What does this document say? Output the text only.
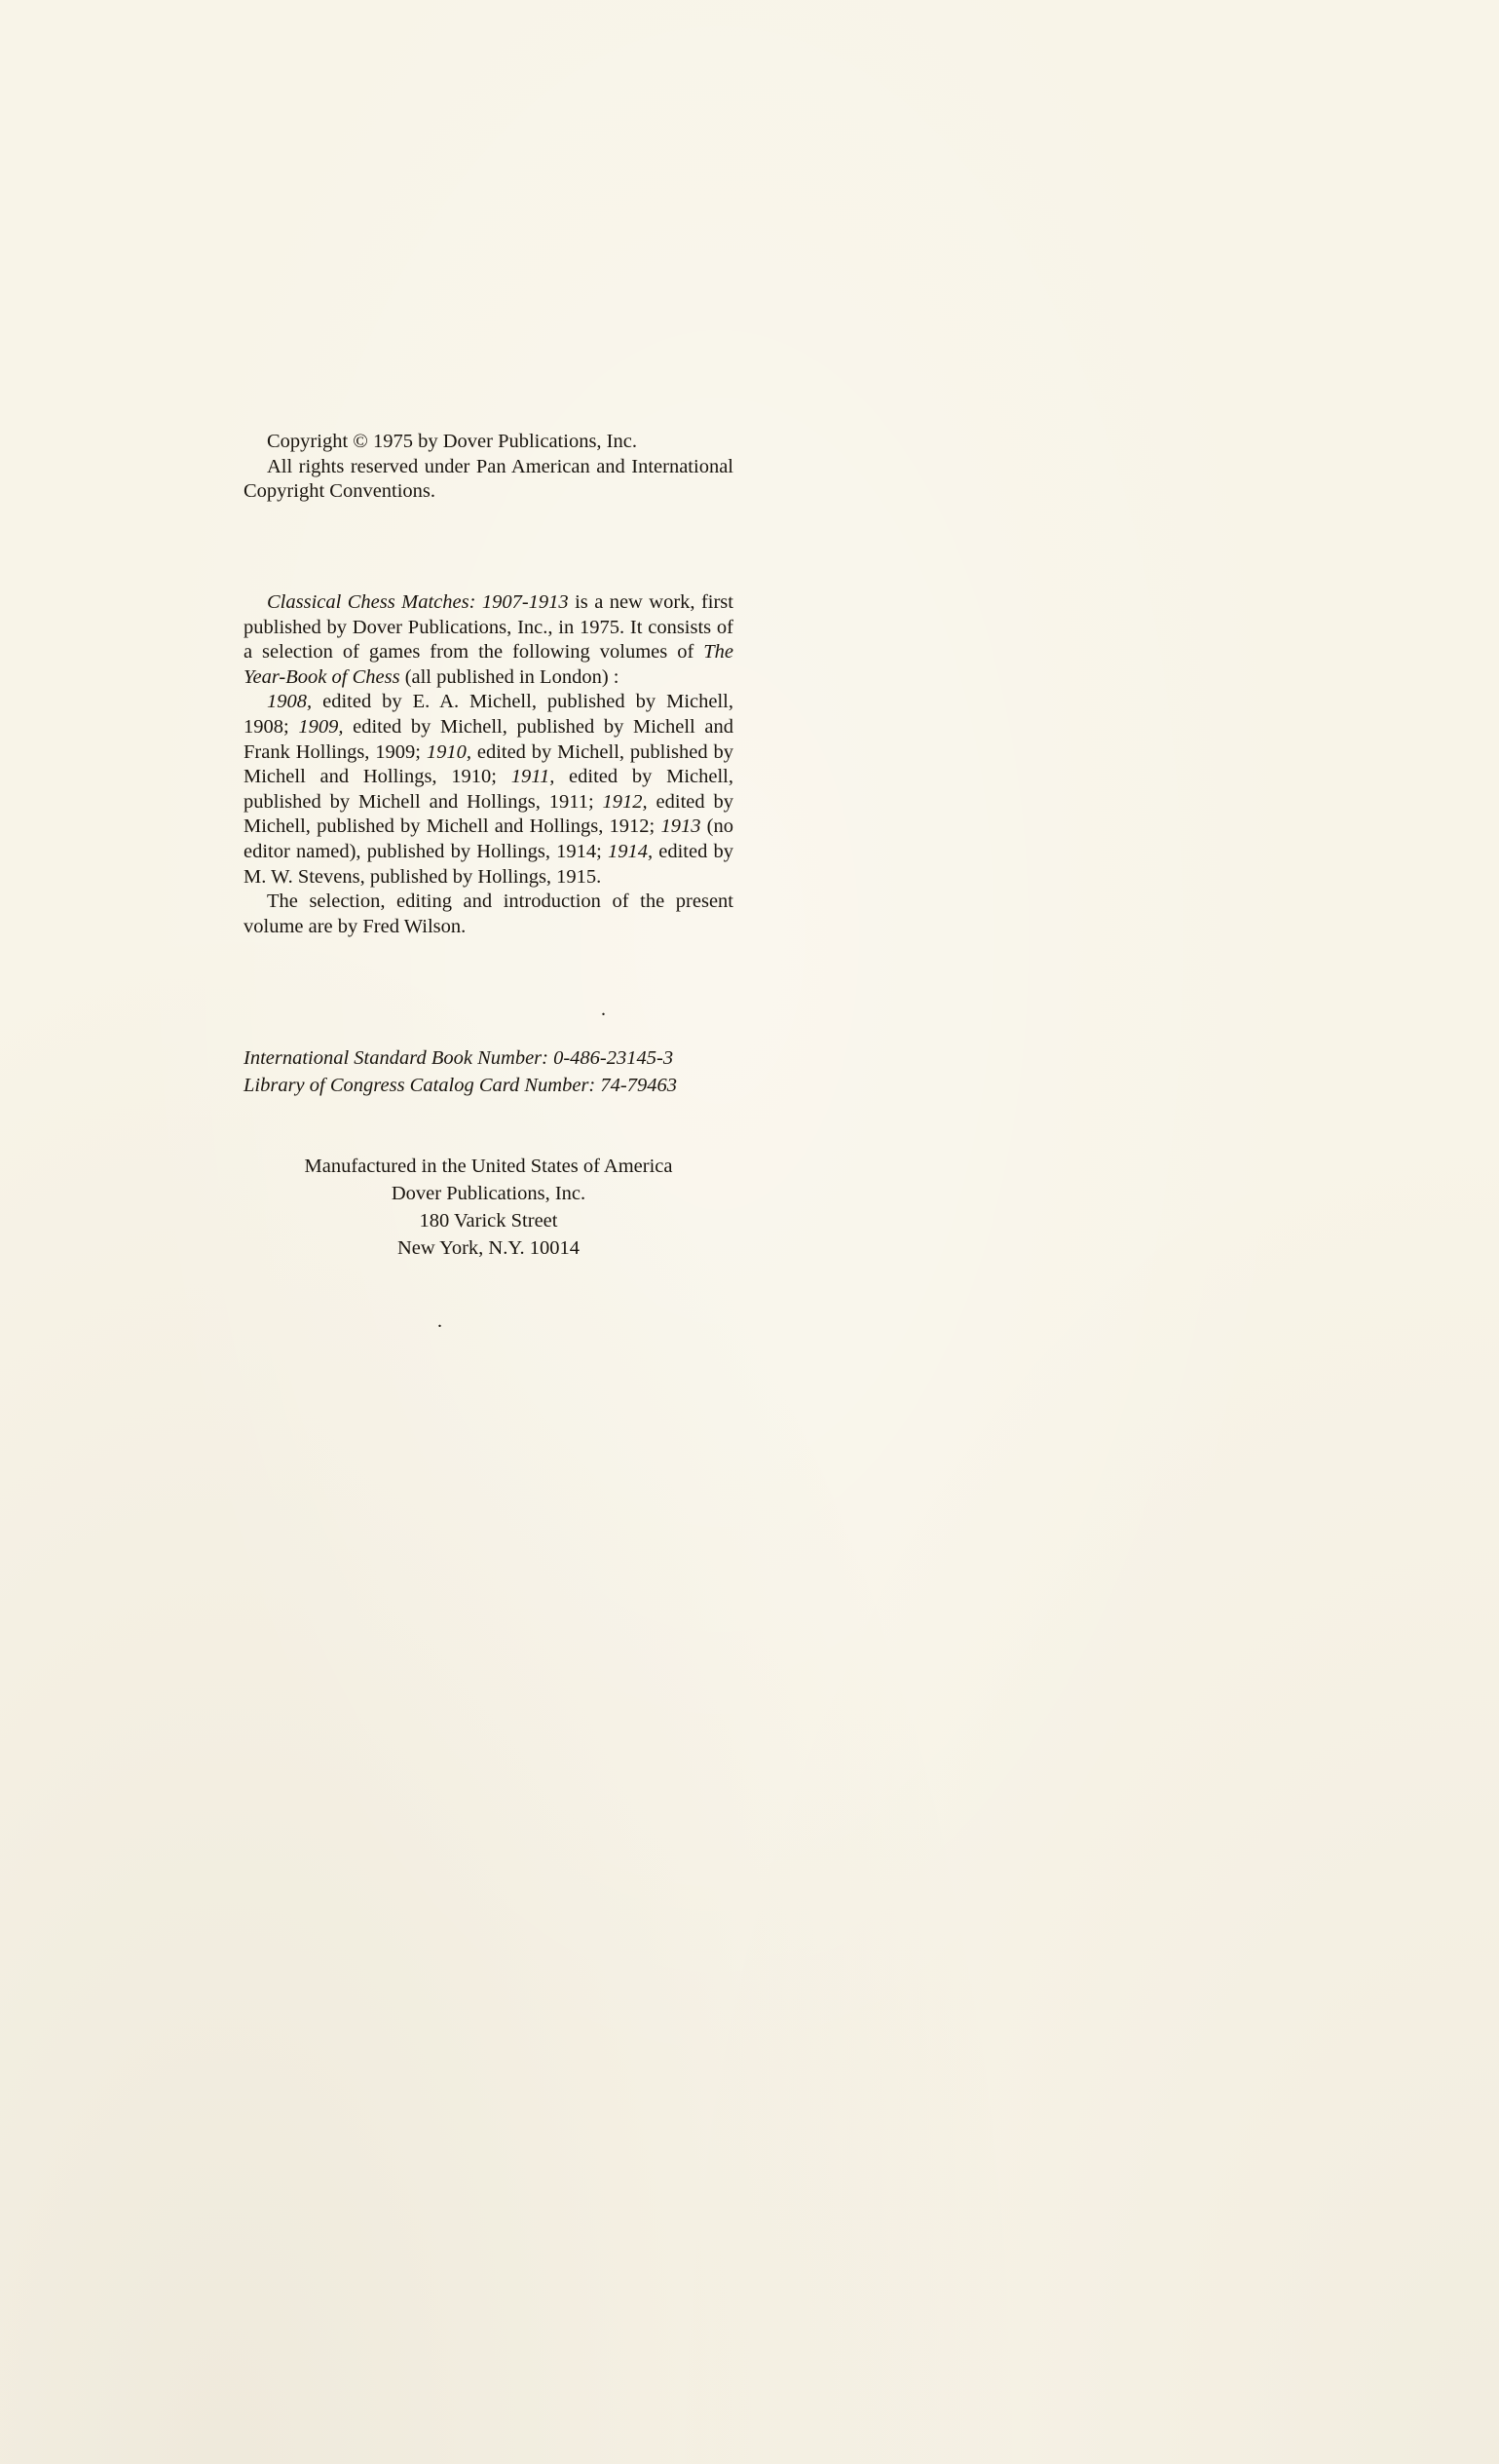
Copyright © 1975 by Dover Publications, Inc.

All rights reserved under Pan American and International Copyright Conventions.

Classical Chess Matches: 1907-1913 is a new work, first published by Dover Publications, Inc., in 1975. It consists of a selection of games from the following volumes of The Year-Book of Chess (all published in London) :

1908, edited by E. A. Michell, published by Michell, 1908; 1909, edited by Michell, published by Michell and Frank Hollings, 1909; 1910, edited by Michell, published by Michell and Hollings, 1910; 1911, edited by Michell, published by Michell and Hollings, 1911; 1912, edited by Michell, published by Michell and Hollings, 1912; 1913 (no editor named), published by Hollings, 1914; 1914, edited by M. W. Stevens, published by Hollings, 1915.

The selection, editing and introduction of the present volume are by Fred Wilson.

.

International Standard Book Number: 0-486-23145-3

Library of Congress Catalog Card Number: 74-79463

Manufactured in the United States of America

Dover Publications, Inc.

180 Varick Street

New York, N.Y. 10014

.
